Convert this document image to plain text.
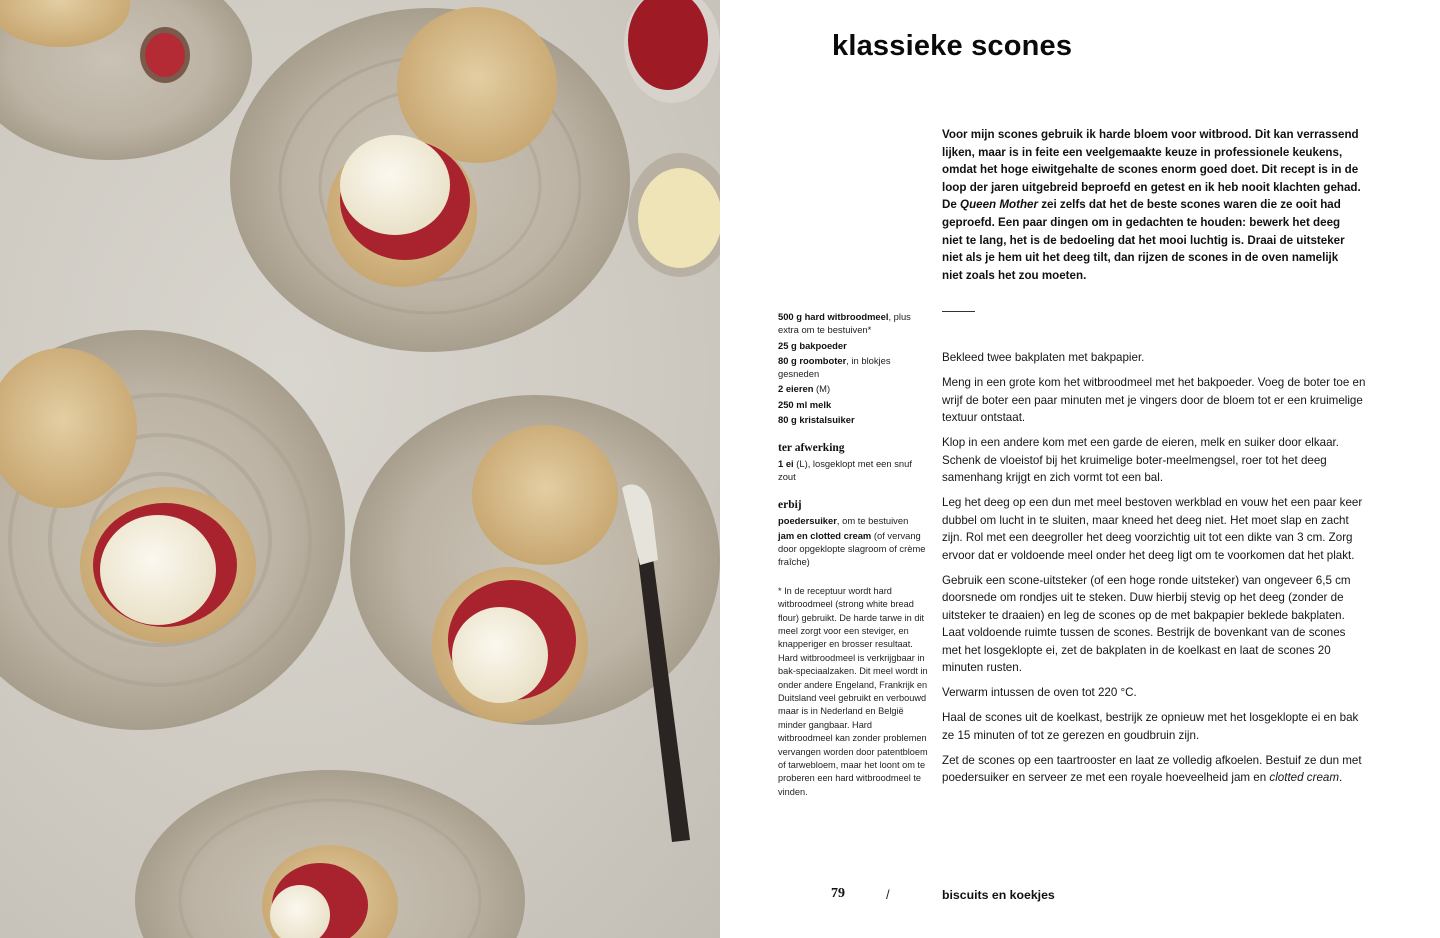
klassieke scones
Voor mijn scones gebruik ik harde bloem voor witbrood. Dit kan verrassend lijken, maar is in feite een veelgemaakte keuze in professionele keukens, omdat het hoge eiwitgehalte de scones enorm goed doet. Dit recept is in de loop der jaren uitgebreid beproefd en getest en ik heb nooit klachten gehad. De Queen Mother zei zelfs dat het de beste scones waren die ze ooit had geproefd. Een paar dingen om in gedachten te houden: bewerk het deeg niet te lang, het is de bedoeling dat het mooi luchtig is. Draai de uitsteker niet als je hem uit het deeg tilt, dan rijzen de scones in de oven namelijk niet zoals het zou moeten.
500 g hard witbroodmeel, plus extra om te bestuiven*
25 g bakpoeder
80 g roomboter, in blokjes gesneden
2 eieren (M)
250 ml melk
80 g kristalsuiker
ter afwerking
1 ei (L), losgeklopt met een snuf zout
erbij
poedersuiker, om te bestuiven
jam en clotted cream (of vervang door opgeklopte slagroom of crème fraîche)
* In de receptuur wordt hard witbroodmeel (strong white bread flour) gebruikt. De harde tarwe in dit meel zorgt voor een steviger, en knapperiger en brosser resultaat. Hard witbroodmeel is verkrijgbaar in bak-speciaalzaken. Dit meel wordt in onder andere Engeland, Frankrijk en Duitsland veel gebruikt en verbouwd maar is in Nederland en België minder gangbaar. Hard witbroodmeel kan zonder problemen vervangen worden door patentbloem of tarwebloem, maar het loont om te proberen een hard witbroodmeel te vinden.

Bekleed twee bakplaten met bakpapier.

Meng in een grote kom het witbroodmeel met het bakpoeder. Voeg de boter toe en wrijf de boter een paar minuten met je vingers door de bloem tot er een kruimelige textuur ontstaat.

Klop in een andere kom met een garde de eieren, melk en suiker door elkaar. Schenk de vloeistof bij het kruimelige boter-meelmengsel, roer tot het deeg samenhang krijgt en zich vormt tot een bal.

Leg het deeg op een dun met meel bestoven werkblad en vouw het een paar keer dubbel om lucht in te sluiten, maar kneed het deeg niet. Het moet slap en zacht zijn. Rol met een deegroller het deeg voorzichtig uit tot een dikte van 3 cm. Zorg ervoor dat er voldoende meel onder het deeg ligt om te voorkomen dat het plakt.

Gebruik een scone-uitsteker (of een hoge ronde uitsteker) van ongeveer 6,5 cm doorsnede om rondjes uit te steken. Duw hierbij stevig op het deeg (zonder de uitsteker te draaien) en leg de scones op de met bakpapier beklede bakplaten. Laat voldoende ruimte tussen de scones. Bestrijk de bovenkant van de scones met het losgeklopte ei, zet de bakplaten in de koelkast en laat de scones 20 minuten rusten.

Verwarm intussen de oven tot 220 °C.

Haal de scones uit de koelkast, bestrijk ze opnieuw met het losgeklopte ei en bak ze 15 minuten of tot ze gerezen en goudbruin zijn.

Zet de scones op een taartrooster en laat ze volledig afkoelen. Bestuif ze dun met poedersuiker en serveer ze met een royale hoeveelheid jam en clotted cream.

79	/	biscuits en koekjes
